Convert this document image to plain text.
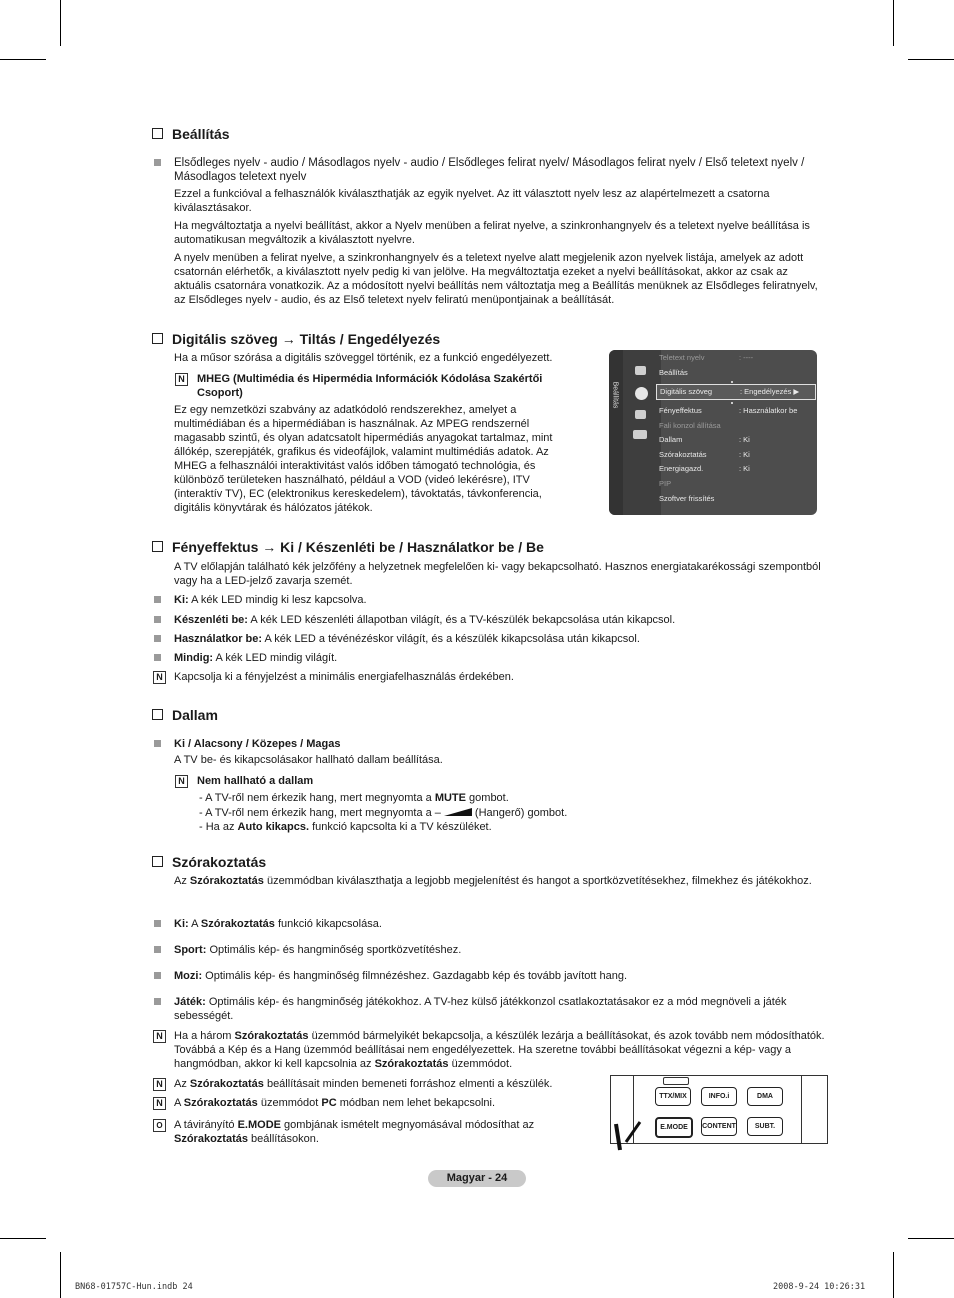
Beállítás
Elsődleges nyelv - audio / Másodlagos nyelv - audio / Elsődleges felirat nyelv/ Másodlagos felirat nyelv / Első teletext nyelv / Másodlagos teletext nyelv
Ezzel a funkcióval a felhasználók kiválaszthatják az egyik nyelvet. Az itt választott nyelv lesz az alapértelmezett a csatorna kiválasztásakor.
Ha megváltoztatja a nyelvi beállítást, akkor a Nyelv menüben a felirat nyelve, a szinkronhangnyelv és a teletext nyelve beállítása is automatikusan megváltozik a kiválasztott nyelvre.
A nyelv menüben a felirat nyelve, a szinkronhangnyelv és a teletext nyelve alatt megjelenik azon nyelvek listája, amelyek az adott csatornán elérhetők, a kiválasztott nyelv pedig ki van jelölve. Ha megváltoztatja ezeket a nyelvi beállításokat, akkor az csak az aktuális csatornára vonatkozik. Az a módosított nyelvi beállítás nem változtatja meg a Beállítás menüknek az Elsődleges feliratnyelv, az Elsődleges nyelv - audio, és az Első teletext nyelv feliratú menüpontjainak a beállítását.
Digitális szöveg → Tiltás / Engedélyezés
Ha a műsor szórása a digitális szöveggel történik, ez a funkció engedélyezett.
N MHEG (Multimédia és Hipermédia Információk Kódolása Szakértői Csoport)
Ez egy nemzetközi szabvány az adatkódoló rendszerekhez, amelyet a multimédiában és a hipermédiában is használnak. Az MPEG rendszernél magasabb szintű, és olyan adatcsatolt hipermédiás anyagokat tartalmaz, mint állókép, szerepjáték, grafikus és videofájlok, valamint multimédiás adatok. Az MHEG a felhasználói interaktivitást valós időben támogató technológia, és különböző területeken használható, például a VOD (videó lekérésre), ITV (interaktív TV), EC (elektronikus kereskedelem), távoktatás, távkonferencia, digitális könyvtárak és hálózatos játékok.
Beállítás
Teletext nyelv	: ----
Beállítás
Digitális szöveg	: Engedélyezés ▶
Fényeffektus	: Használatkor be
Fali konzol állítása
Dallam	: Ki
Szórakoztatás	: Ki
Energiagazd.	: Ki
PIP
Szoftver frissítés
Fényeffektus → Ki / Készenléti be / Használatkor be / Be
A TV előlapján található kék jelzőfény a helyzetnek megfelelően ki- vagy bekapcsolható. Hasznos energiatakarékossági szempontból vagy ha a LED-jelző zavarja szemét.
Ki: A kék LED mindig ki lesz kapcsolva.
Készenléti be: A kék LED készenléti állapotban világít, és a TV-készülék bekapcsolása után kikapcsol.
Használatkor be: A kék LED a tévénézéskor világít, és a készülék kikapcsolása után kikapcsol.
Mindig: A kék LED mindig világít.
N Kapcsolja ki a fényjelzést a minimális energiafelhasználás érdekében.
Dallam
Ki / Alacsony / Közepes / Magas
A TV be- és kikapcsolásakor hallható dallam beállítása.
N Nem hallható a dallam
- A TV-ről nem érkezik hang, mert megnyomta a MUTE gombot.
- A TV-ről nem érkezik hang, mert megnyomta a –	(Hangerő) gombot.
- Ha az Auto kikapcs. funkció kapcsolta ki a TV készüléket.
Szórakoztatás
Az Szórakoztatás üzemmódban kiválaszthatja a legjobb megjelenítést és hangot a sportközvetítésekhez, filmekhez és játékokhoz.
Ki: A Szórakoztatás funkció kikapcsolása.
Sport: Optimális kép- és hangminőség sportközvetítéshez.
Mozi: Optimális kép- és hangminőség filmnézéshez. Gazdagabb kép és tovább javított hang.
Játék: Optimális kép- és hangminőség játékokhoz. A TV-hez külső játékkonzol csatlakoztatásakor ez a mód megnöveli a játék sebességét.
N Ha a három Szórakoztatás üzemmód bármelyikét bekapcsolja, a készülék lezárja a beállításokat, és azok tovább nem módosíthatók. Továbbá a Kép és a Hang üzemmód beállításai nem engedélyezettek. Ha szeretne további beállításokat végezni a kép- vagy a hangmódban, akkor ki kell kapcsolnia az Szórakoztatás üzemmódot.
N Az Szórakoztatás beállításait minden bemeneti forráshoz elmenti a készülék.
N A Szórakoztatás üzemmódot PC módban nem lehet bekapcsolni.
O	A távirányító E.MODE gombjának ismételt megnyomásával módosíthat az Szórakoztatás beállításokon.
TTX/MIX	INFO.i	DMA
E.MODE	CONTENT	SUBT.
Magyar - 24
BN68-01757C-Hun.indb 24	2008-9-24 10:26:31
